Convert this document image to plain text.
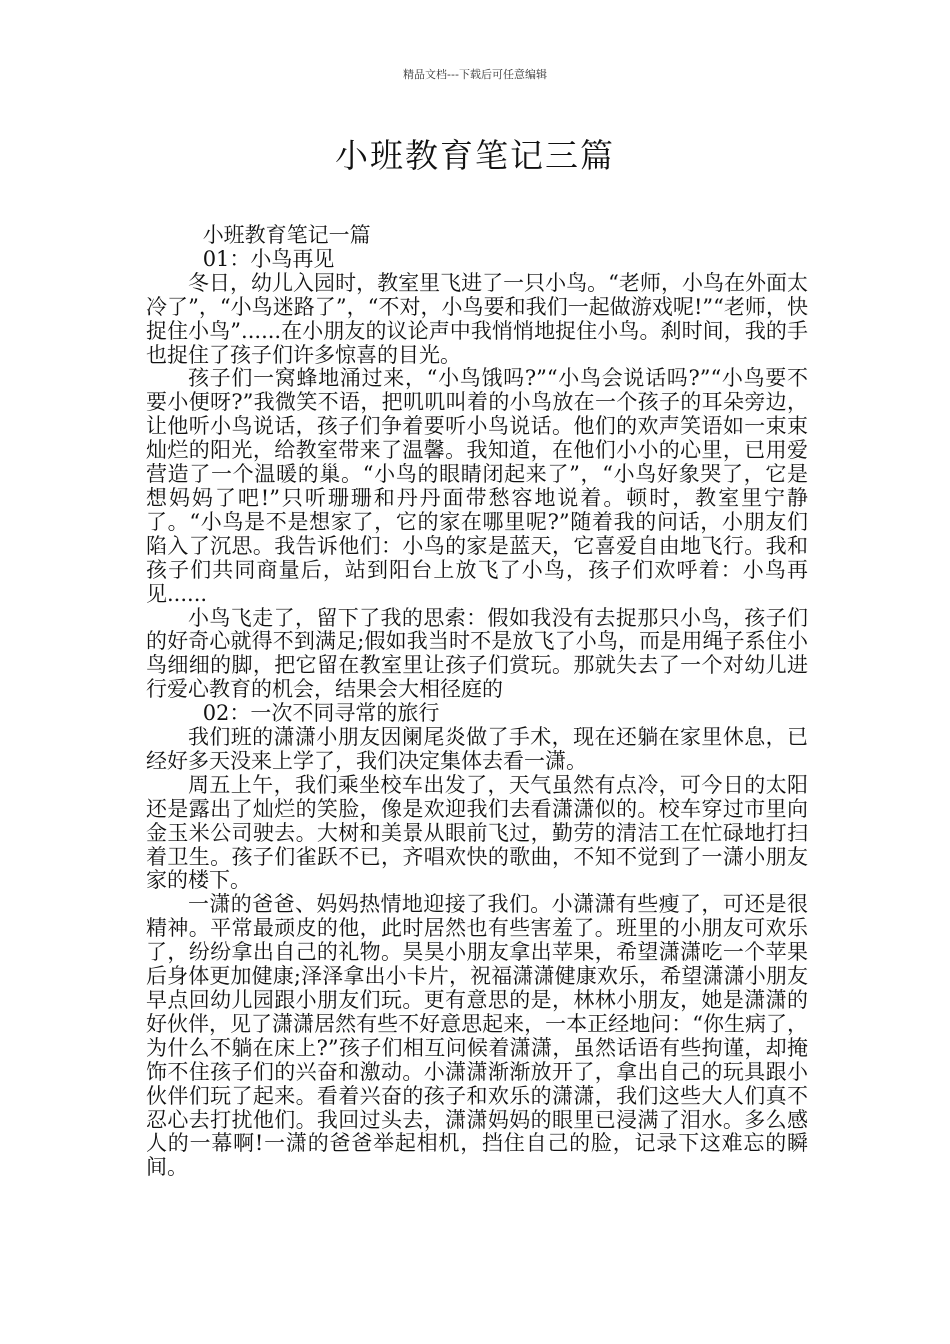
精品文档---下载后可任意编辑
小班教育笔记三篇

小班教育笔记一篇

01：小鸟再见

冬日，幼儿入园时，教室里飞进了一只小鸟。“老师，小鸟在外面太冷了”，“小鸟迷路了”，“不对，小鸟要和我们一起做游戏呢!”“老师，快捉住小鸟”......在小朋友的议论声中我悄悄地捉住小鸟。刹时间，我的手也捉住了孩子们许多惊喜的目光。

孩子们一窝蜂地涌过来，“小鸟饿吗?”“小鸟会说话吗?”“小鸟要不要小便呀?”我微笑不语，把叽叽叫着的小鸟放在一个孩子的耳朵旁边，让他听小鸟说话，孩子们争着要听小鸟说话。他们的欢声笑语如一束束灿烂的阳光，给教室带来了温馨。我知道，在他们小小的心里，已用爱营造了一个温暖的巢。“小鸟的眼睛闭起来了”，“小鸟好象哭了，它是想妈妈了吧!”只听珊珊和丹丹面带愁容地说着。顿时，教室里宁静了。“小鸟是不是想家了，它的家在哪里呢?”随着我的问话，小朋友们陷入了沉思。我告诉他们：小鸟的家是蓝天，它喜爱自由地飞行。我和孩子们共同商量后，站到阳台上放飞了小鸟，孩子们欢呼着：小鸟再见......

小鸟飞走了，留下了我的思索：假如我没有去捉那只小鸟，孩子们的好奇心就得不到满足;假如我当时不是放飞了小鸟，而是用绳子系住小鸟细细的脚，把它留在教室里让孩子们赏玩。那就失去了一个对幼儿进行爱心教育的机会，结果会大相径庭的

02：一次不同寻常的旅行

我们班的潇潇小朋友因阑尾炎做了手术，现在还躺在家里休息，已经好多天没来上学了，我们决定集体去看一潇。

周五上午，我们乘坐校车出发了，天气虽然有点冷，可今日的太阳还是露出了灿烂的笑脸，像是欢迎我们去看潇潇似的。校车穿过市里向金玉米公司驶去。大树和美景从眼前飞过，勤劳的清洁工在忙碌地打扫着卫生。孩子们雀跃不已，齐唱欢快的歌曲，不知不觉到了一潇小朋友家的楼下。

一潇的爸爸、妈妈热情地迎接了我们。小潇潇有些瘦了，可还是很精神。平常最顽皮的他，此时居然也有些害羞了。班里的小朋友可欢乐了，纷纷拿出自己的礼物。昊昊小朋友拿出苹果，希望潇潇吃一个苹果后身体更加健康;泽泽拿出小卡片，祝福潇潇健康欢乐，希望潇潇小朋友早点回幼儿园跟小朋友们玩。更有意思的是，林林小朋友，她是潇潇的好伙伴，见了潇潇居然有些不好意思起来，一本正经地问：“你生病了，为什么不躺在床上?”孩子们相互问候着潇潇，虽然话语有些拘谨，却掩饰不住孩子们的兴奋和激动。小潇潇渐渐放开了，拿出自己的玩具跟小伙伴们玩了起来。看着兴奋的孩子和欢乐的潇潇，我们这些大人们真不忍心去打扰他们。我回过头去，潇潇妈妈的眼里已浸满了泪水。多么感人的一幕啊!一潇的爸爸举起相机，挡住自己的脸，记录下这难忘的瞬间。
